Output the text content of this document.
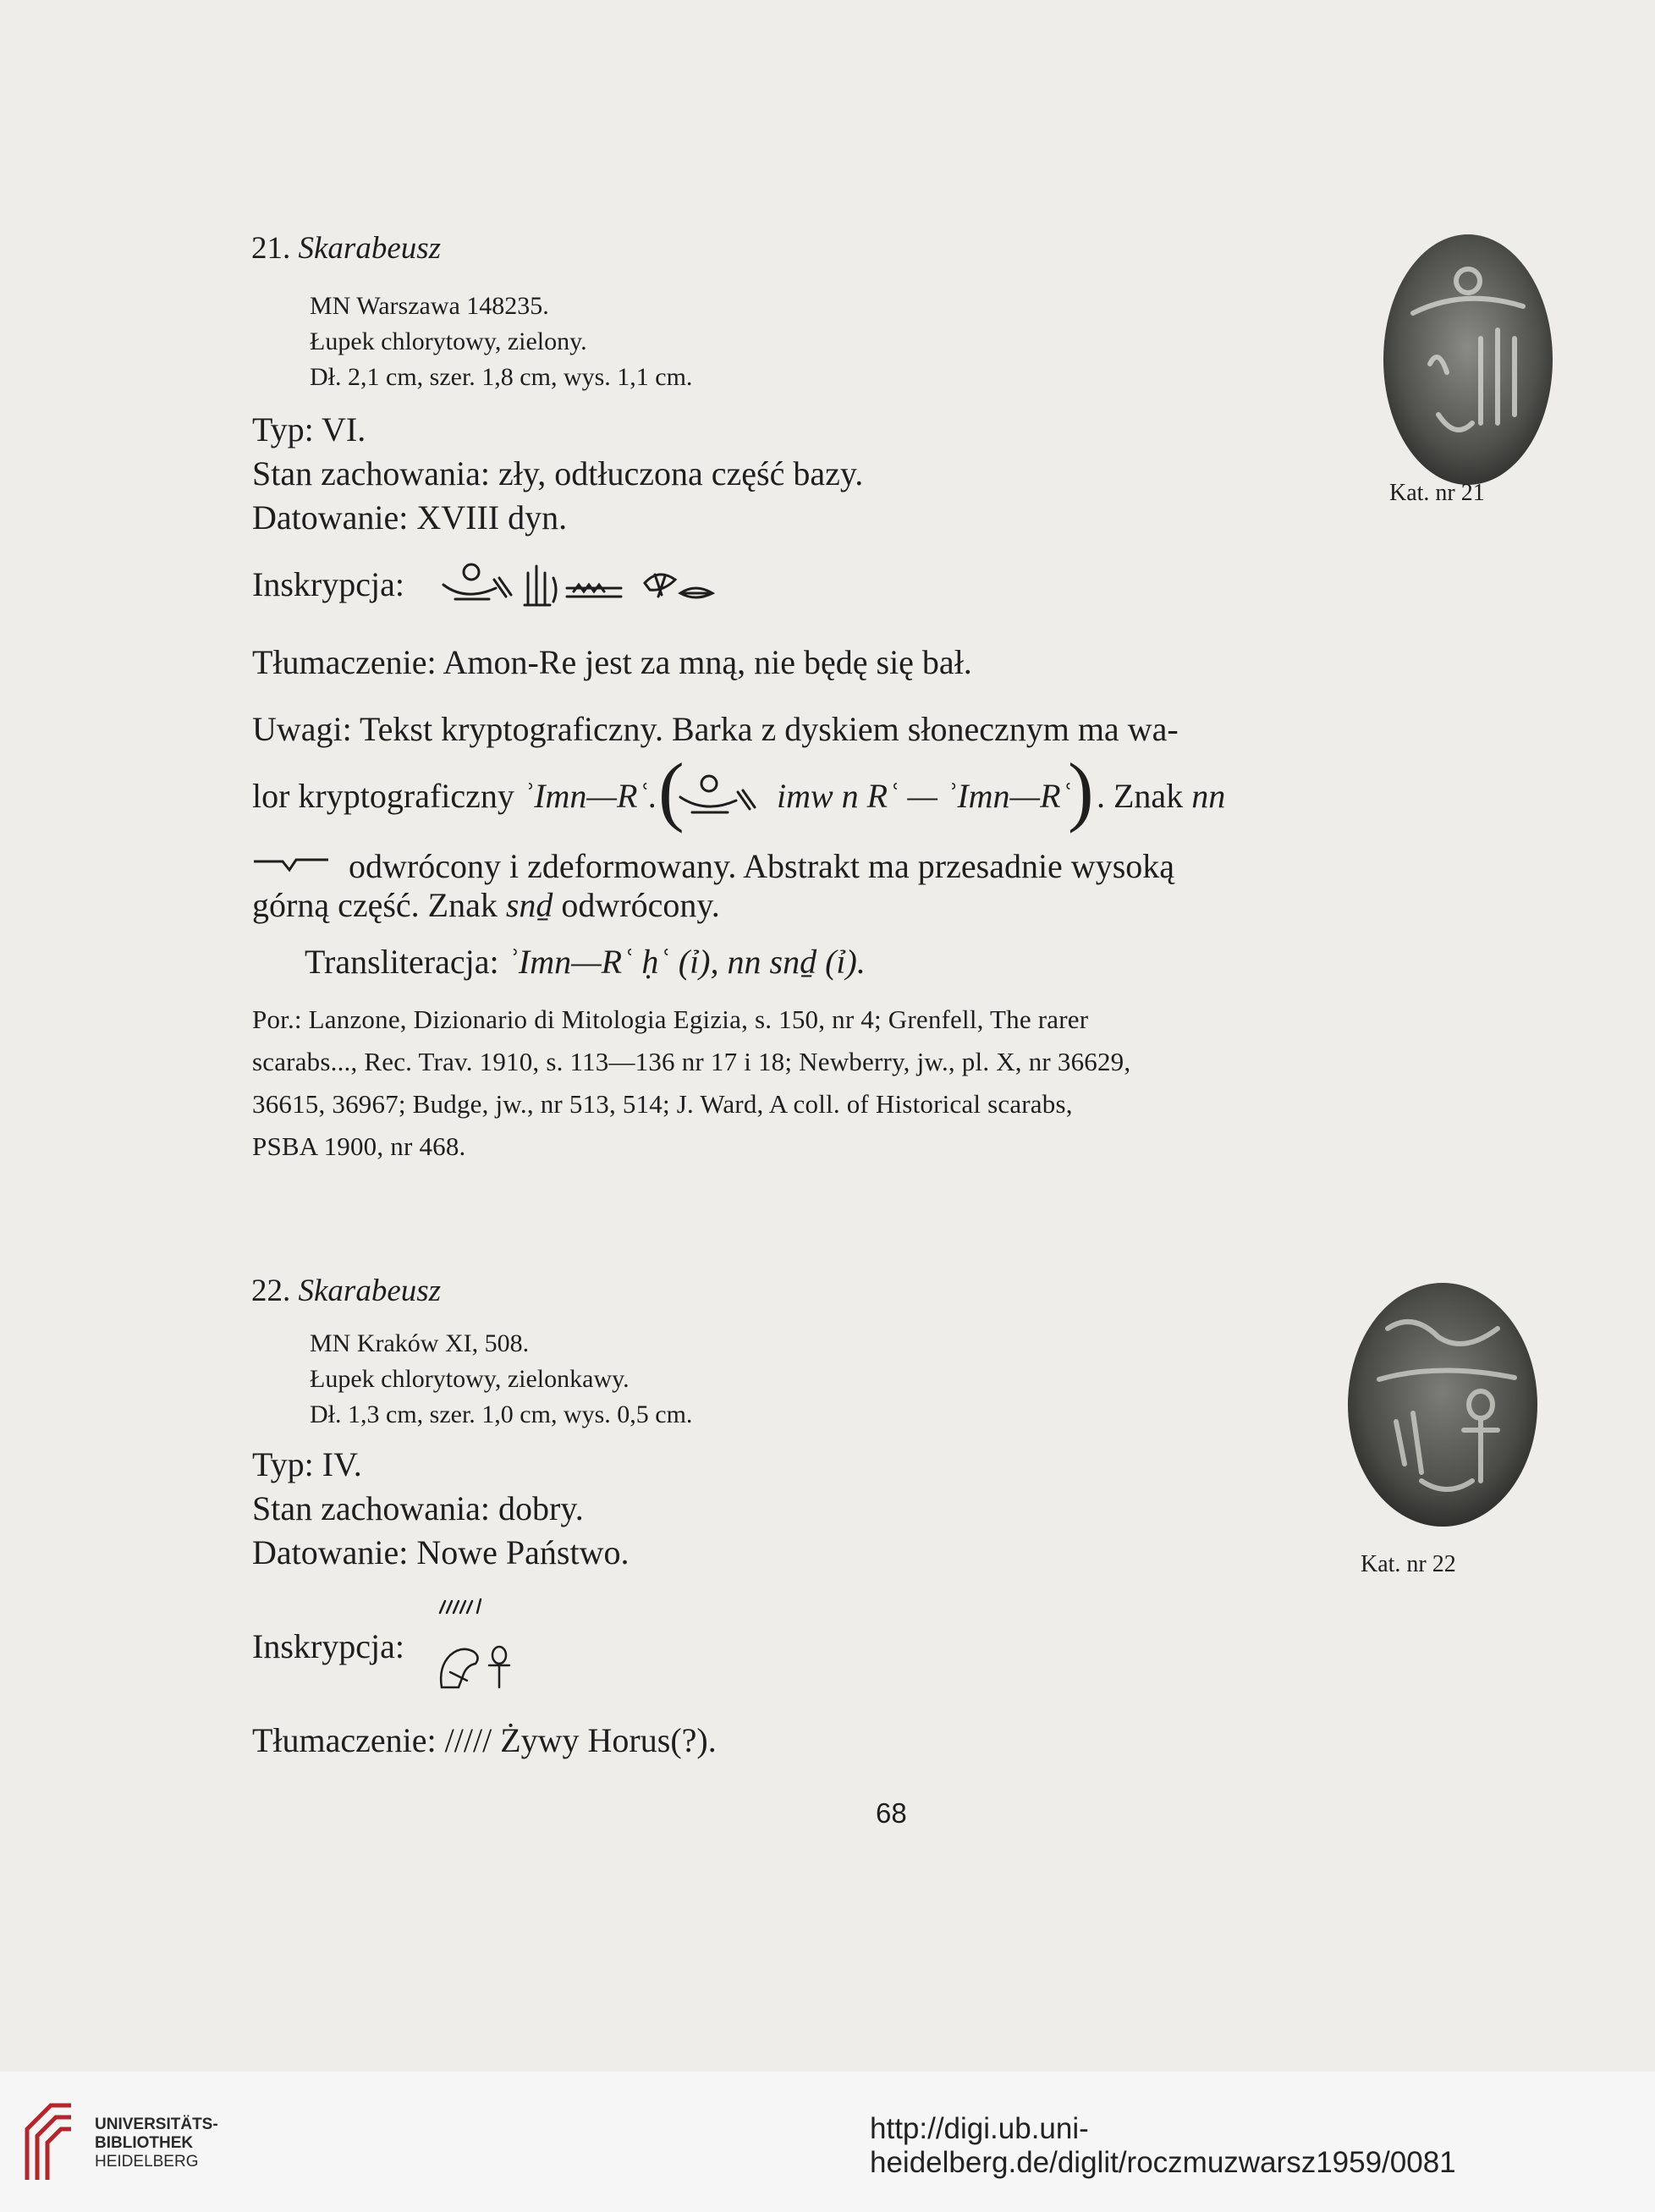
21. Skarabeusz
MN Warszawa 148235.
Łupek chlorytowy, zielony.
Dł. 2,1 cm, szer. 1,8 cm, wys. 1,1 cm.
Typ: VI.
Stan zachowania: zły, odtłuczona część bazy.
Datowanie: XVIII dyn.
Inskrypcja:
Tłumaczenie: Amon-Re jest za mną, nie będę się bał.
Uwagi: Tekst kryptograficzny. Barka z dyskiem słonecznym ma wa-
lor kryptograficzny ʾImn—Rʿ. (	imw n Rʿ — ʾImn—Rʿ
) . Znak nn
odwrócony i zdeformowany. Abstrakt ma przesadnie wysoką
górną część. Znak snḏ odwrócony.
Transliteracja: ʾImn—Rʿ ḥʿ (ỉ), nn snḏ (ỉ).
Por.: Lanzone, Dizionario di Mitologia Egizia, s. 150, nr 4; Grenfell, The rarer
scarabs..., Rec. Trav. 1910, s. 113—136 nr 17 i 18; Newberry, jw., pl. X, nr 36629,
36615, 36967; Budge, jw., nr 513, 514; J. Ward, A coll. of Historical scarabs,
PSBA 1900, nr 468.
Kat. nr 21
22. Skarabeusz
MN Kraków XI, 508.
Łupek chlorytowy, zielonkawy.
Dł. 1,3 cm, szer. 1,0 cm, wys. 0,5 cm.
Typ: IV.
Stan zachowania: dobry.
Datowanie: Nowe Państwo.
Inskrypcja:
Tłumaczenie: ///// Żywy Horus(?).
Kat. nr 22
68
UNIVERSITÄTS-
BIBLIOTHEK
HEIDELBERG
http://digi.ub.uni-heidelberg.de/diglit/roczmuzwarsz1959/0081
